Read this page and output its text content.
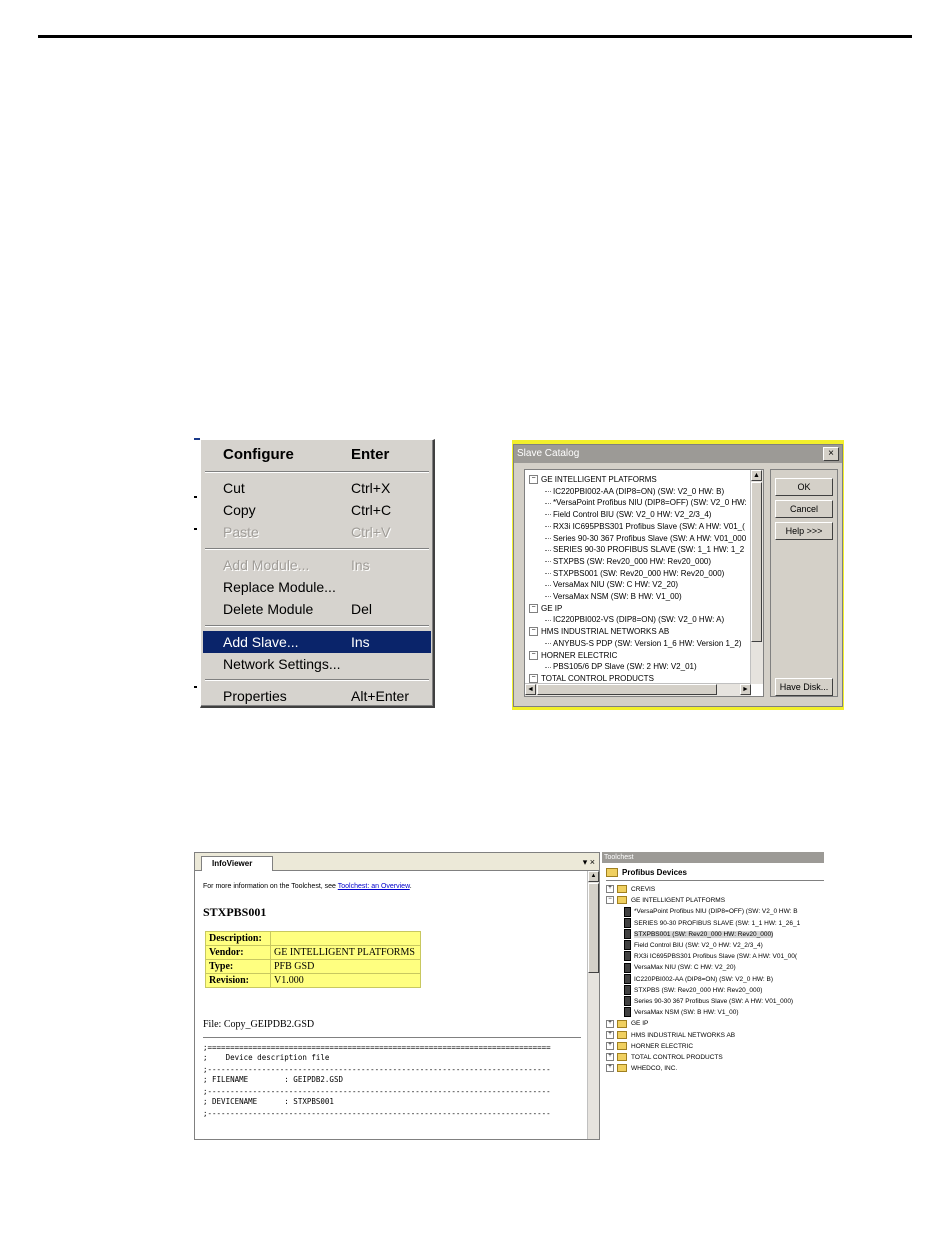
Configure	Enter
Cut	Ctrl+X
Copy	Ctrl+C
Paste	Ctrl+V
Add Module...	Ins
Replace Module...
Delete Module	Del
Add Slave...	Ins
Network Settings...
Properties	Alt+Enter
Slave Catalog	×
− GE INTELLIGENT PLATFORMS
IC220PBI002-AA (DIP8=ON) (SW: V2_0 HW: B)
*VersaPoint Profibus NIU (DIP8=OFF) (SW: V2_0 HW:
Field Control BIU (SW: V2_0 HW: V2_2/3_4)
RX3i IC695PBS301 Profibus Slave (SW: A HW: V01_(
Series 90-30 367 Profibus Slave (SW: A HW: V01_000
SERIES 90-30 PROFIBUS SLAVE (SW: 1_1 HW: 1_2
STXPBS (SW: Rev20_000 HW: Rev20_000)
STXPBS001 (SW: Rev20_000 HW: Rev20_000)
VersaMax NIU (SW: C HW: V2_20)
VersaMax NSM (SW: B HW: V1_00)
− GE IP
IC220PBI002-VS (DIP8=ON) (SW: V2_0 HW: A)
− HMS INDUSTRIAL NETWORKS AB
ANYBUS-S PDP (SW: Version 1_6 HW: Version 1_2)
− HORNER ELECTRIC
PBS105/6 DP Slave (SW: 2 HW: V2_01)
− TOTAL CONTROL PRODUCTS
▲
◄	►
OK
Cancel
Help >>>
Have Disk...
InfoViewer	▾ ×
For more information on the Toolchest, see Toolchest: an Overview.
STXPBS001
Description:	
Vendor:	GE INTELLIGENT PLATFORMS
Type:	PFB GSD
Revision:	V1.000
File: Copy_GEIPDB2.GSD
;============================================================================
;    Device description file
;----------------------------------------------------------------------------
; FILENAME        : GEIPDB2.GSD
;----------------------------------------------------------------------------
; DEVICENAME      : STXPBS001
;----------------------------------------------------------------------------
▲
Toolchest
Profibus Devices
+	CREVIS
−	GE INTELLIGENT PLATFORMS
*VersaPoint Profibus NIU (DIP8=OFF) (SW: V2_0 HW: B
SERIES 90-30 PROFIBUS SLAVE (SW: 1_1 HW: 1_26_1
STXPBS001 (SW: Rev20_000 HW: Rev20_000)
Field Control BIU (SW: V2_0 HW: V2_2/3_4)
RX3i IC695PBS301 Profibus Slave (SW: A HW: V01_00(
VersaMax NIU (SW: C HW: V2_20)
IC220PBI002-AA (DIP8=ON) (SW: V2_0 HW: B)
STXPBS (SW: Rev20_000 HW: Rev20_000)
Series 90-30 367 Profibus Slave (SW: A HW: V01_000)
VersaMax NSM (SW: B HW: V1_00)
+	GE IP
+	HMS INDUSTRIAL NETWORKS AB
+	HORNER ELECTRIC
+	TOTAL CONTROL PRODUCTS
+	WHEDCO, INC.
